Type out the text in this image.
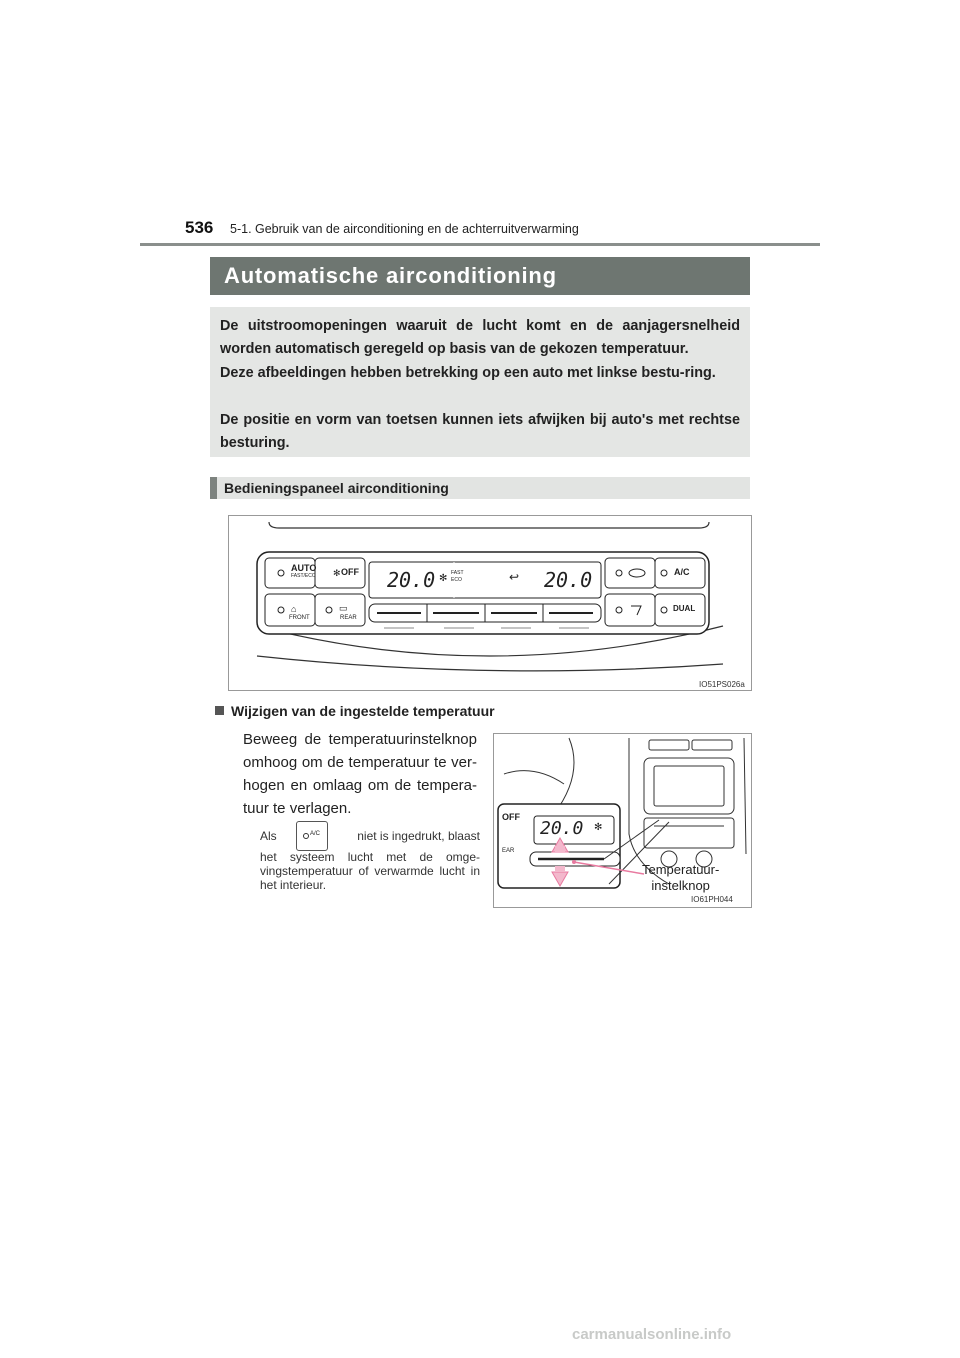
536 5-1. Gebruik van de airconditioning en de achterruitverwarming
Automatische airconditioning
De uitstroomopeningen waaruit de lucht komt en de aanjagersnelheid worden automatisch geregeld op basis van de gekozen temperatuur.
Deze afbeeldingen hebben betrekking op een auto met linkse bestu-ring.
De positie en vorm van toetsen kunnen iets afwijken bij auto's met rechtse besturing.
Bedieningspaneel airconditioning
AUTO
FAST/ECO	OFF
✻
⌂
FRONT
▭
REAR
20.0 ✻ FAST
ECO	20.0
↩	A/C
DUAL
IO51PS026a
Wijzigen van de ingestelde temperatuur
Beweeg de temperatuurinstelknop omhoog om de temperatuur te ver-hogen en omlaag om de tempera-tuur te verlagen.
Als	A/C	niet is ingedrukt, blaast
het systeem lucht met de omge-vingstemperatuur of verwarmde lucht in het interieur.
OFF
EAR
20.0 ✻
Temperatuur-
instelknop
IO61PH044
carmanualsonline.info
